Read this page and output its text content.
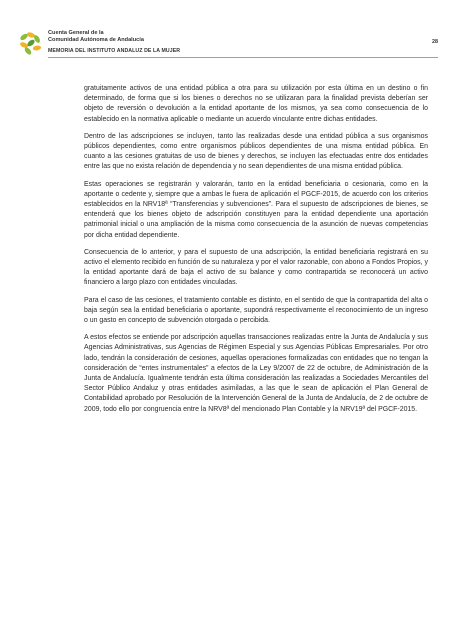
Cuenta General de la
Comunidad Autónoma de Andalucía
MEMORIA DEL INSTITUTO ANDALUZ DE LA MUJER
28

gratuitamente activos de una entidad pública a otra para su utilización por esta última en un destino o fin determinado, de forma que si los bienes o derechos no se utilizaran para la finalidad prevista deberían ser objeto de reversión o devolución a la entidad aportante de los mismos, ya sea como consecuencia de lo establecido en la normativa aplicable o mediante un acuerdo vinculante entre dichas entidades.

Dentro de las adscripciones se incluyen, tanto las realizadas desde una entidad pública a sus organismos públicos dependientes, como entre organismos públicos dependientes de una misma entidad pública. En cuanto a las cesiones gratuitas de uso de bienes y derechos, se incluyen las efectuadas entre dos entidades entre las que no exista relación de dependencia y no sean dependientes de una misma entidad pública.

Estas operaciones se registrarán y valorarán, tanto en la entidad beneficiaria o cesionaria, como en la aportante o cedente y, siempre que a ambas le fuera de aplicación el PGCF-2015, de acuerdo con los criterios establecidos en la NRV18ª “Transferencias y subvenciones”. Para el supuesto de adscripciones de bienes, se entenderá que los bienes objeto de adscripción constituyen para la entidad dependiente una aportación patrimonial inicial o una ampliación de la misma como consecuencia de la asunción de nuevas competencias por dicha entidad dependiente.

Consecuencia de lo anterior, y para el supuesto de una adscripción, la entidad beneficiaria registrará en su activo el elemento recibido en función de su naturaleza y por el valor razonable, con abono a Fondos Propios, y la entidad aportante dará de baja el activo de su balance y como contrapartida se reconocerá un activo financiero a largo plazo con entidades vinculadas.

Para el caso de las cesiones, el tratamiento contable es distinto, en el sentido de que la contrapartida del alta o baja según sea la entidad beneficiaria o aportante, supondrá respectivamente el reconocimiento de un ingreso o un gasto en concepto de subvención otorgada o percibida.

A estos efectos se entiende por adscripción aquellas transacciones realizadas entre la Junta de Andalucía y sus Agencias Administrativas, sus Agencias de Régimen Especial y sus Agencias Públicas Empresariales. Por otro lado, tendrán la consideración de cesiones, aquellas operaciones formalizadas con entidades que no tengan la consideración de “entes instrumentales” a efectos de la Ley 9/2007 de 22 de octubre, de Administración de la Junta de Andalucía. Igualmente tendrán esta última consideración las realizadas a Sociedades Mercantiles del Sector Público Andaluz y otras entidades asimiladas, a las que le sean de aplicación el Plan General de Contabilidad aprobado por Resolución de la Intervención General de la Junta de Andalucía, de 2 de octubre de 2009, todo ello por congruencia entre la NRV8ª del mencionado Plan Contable y la NRV19ª del PGCF-2015.
